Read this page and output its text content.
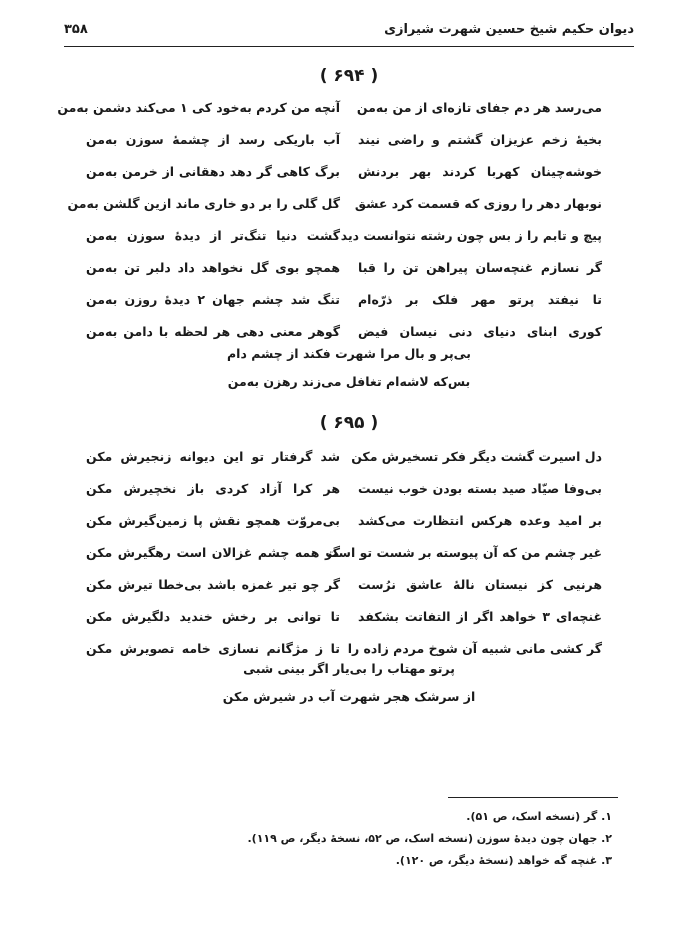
دیوان حکیم شیخ حسین شهرت شیرازی
۳۵۸
( ۶۹۴ )
می‌رسد هر دم جفای تازه‌ای از من به‌من
آنچه من کردم به‌خود کی ۱ می‌کند دشمن به‌من
بخیهٔ زخم عزیزان گشتم و راضی نیند
آب باریکی رسد از چشمهٔ سوزن به‌من
خوشه‌چینان کهربا کردند بهر بردنش
برگ کاهی گر دهد دهقانی از خرمن به‌من
نوبهار دهر را روزی که قسمت کرد عشق
گل گلی را بر دو خاری ماند ازین گلشن به‌من
پیچ و تابم را ز بس چون رشته نتوانست دید
گشت دنیا تنگ‌تر از دیدهٔ سوزن به‌من
گر نسازم غنچه‌سان پیراهن تن را قبا
همچو بوی گل نخواهد داد دلبر تن به‌من
تا نیفتد پرتو مهر فلک بر ذرّه‌ام
تنگ شد چشم جهان ۲ دیدهٔ روزن به‌من
کوری ابنای دنیای دنی نیسان فیض
گوهر معنی دهی هر لحظه با دامن به‌من
بی‌پر و بال مرا شهرت فکند از چشم دام
بس‌که لاشه‌ام تغافل می‌زند رهزن به‌من
( ۶۹۵ )
دل اسیرت گشت دیگر فکر تسخیرش مکن
شد گرفتار تو این دیوانه زنجیرش مکن
بی‌وفا صیّاد صید بسته بودن خوب نیست
هر کرا آزاد کردی باز نخچیرش مکن
بر امید وعده هرکس انتظارت می‌کشد
بی‌مروّت همچو نقش پا زمین‌گیرش مکن
غیر چشم من که آن پیوسته بر شست تو است
گر همه چشم غزالان است رهگیرش مکن
هرنیی کز نیستان نالهٔ عاشق نرُست
گر چو تیر غمزه باشد بی‌خطا تیرش مکن
غنچه‌ای ۳ خواهد اگر از التفاتت بشکفد
تا توانی بر رخش خندید دلگیرش مکن
گر کشی مانی شبیه آن شوخ مردم زاده را
تا ز مژگانم نسازی خامه تصویرش مکن
پرتو مهتاب را بی‌یار اگر بینی شبی
از سرشک هجر شهرت آب در شیرش مکن
۱. گر (نسخه اسک، ص ۵۱).
۲. جهان چون دیدهٔ سوزن (نسخه اسک، ص ۵۲، نسخهٔ دیگر، ص ۱۱۹).
۳. غنچه گه خواهد (نسخهٔ دیگر، ص ۱۲۰).
